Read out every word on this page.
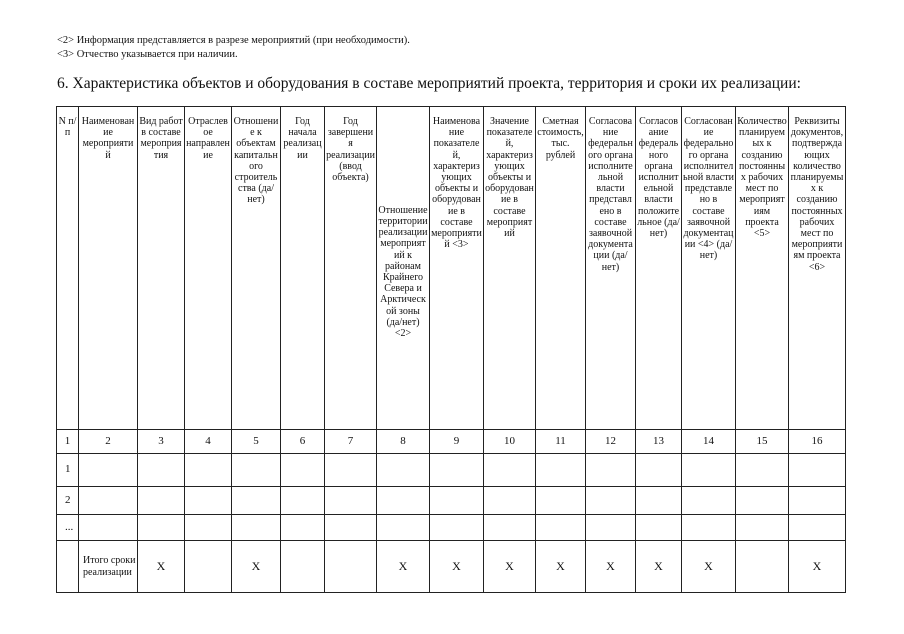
<2> Информация представляется в разрезе мероприятий (при необходимости).
<3> Отчество указывается при наличии.
6. Характеристика объектов и оборудования в составе мероприятий проекта, территория и сроки их реализации:
N п/п	Наименование мероприятий	Вид работ в составе мероприятия	Отраслевое направление	Отношение к объектам капитального строительства (да/нет)	Год начала реализации	Год завершения реализации (ввод объекта)	Отношение территории реализации мероприятий к районам Крайнего Севера и Арктической зоны (да/нет) <2>	Наименование показателей, характеризующих объекты и оборудование в составе мероприятий <3>	Значение показателей, характеризующих объекты и оборудование в составе мероприятий	Сметная стоимость, тыс. рублей	Согласование федерального органа исполнительной власти представлено в составе заявочной документации (да/нет)	Согласование федерального органа исполнительной власти положительное (да/нет)	Согласование федерального органа исполнительной власти представлено в составе заявочной документации <4> (да/нет)	Количество планируемых к созданию постоянных рабочих мест по мероприятиям проекта <5>	Реквизиты документов, подтверждающих количество планируемых к созданию постоянных рабочих мест по мероприятиям проекта <6>
1	2	3	4	5	6	7	8	9	10	11	12	13	14	15	16
1															
2															
...															
	Итого сроки реализации	X		X			X	X	X	X	X	X	X		X
